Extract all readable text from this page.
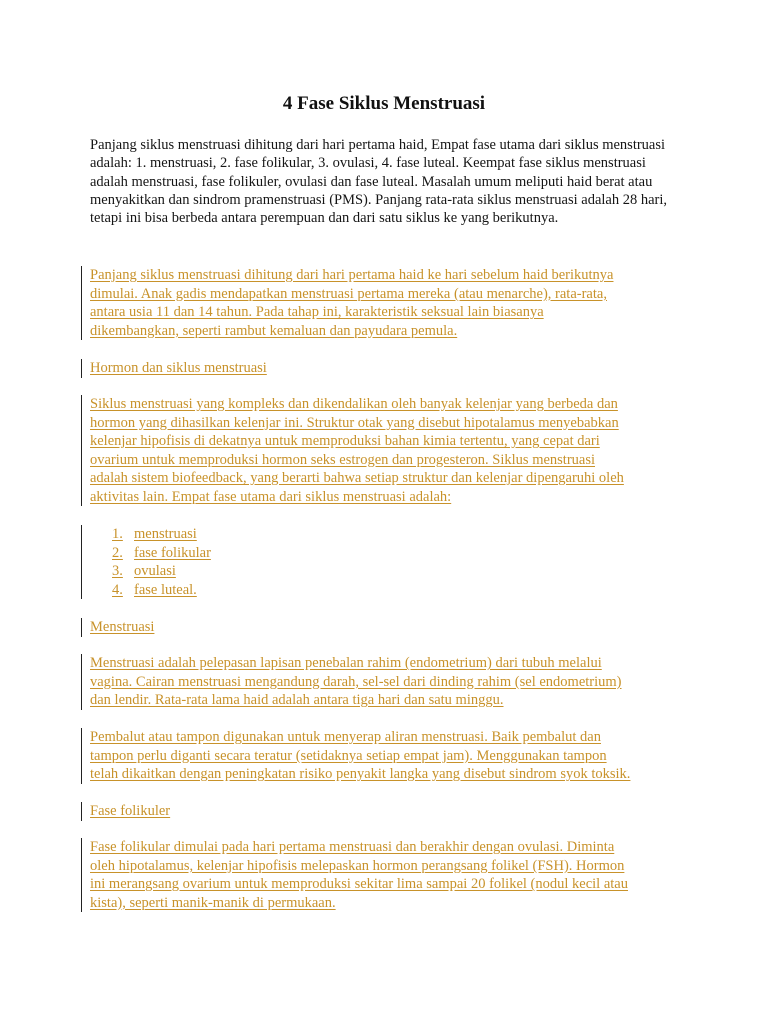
4 Fase Siklus Menstruasi
Panjang siklus menstruasi dihitung dari hari pertama haid, Empat fase utama dari siklus menstruasi adalah: 1. menstruasi, 2. fase folikular, 3. ovulasi, 4. fase luteal. Keempat fase siklus menstruasi adalah menstruasi, fase folikuler, ovulasi dan fase luteal. Masalah umum meliputi haid berat atau menyakitkan dan sindrom pramenstruasi (PMS). Panjang rata-rata siklus menstruasi adalah 28 hari, tetapi ini bisa berbeda antara perempuan dan dari satu siklus ke yang berikutnya.
Panjang siklus menstruasi dihitung dari hari pertama haid ke hari sebelum haid berikutnya
dimulai. Anak gadis mendapatkan menstruasi pertama mereka (atau menarche), rata-rata,
antara usia 11 dan 14 tahun. Pada tahap ini, karakteristik seksual lain biasanya
dikembangkan, seperti rambut kemaluan dan payudara pemula.
Hormon dan siklus menstruasi
Siklus menstruasi yang kompleks dan dikendalikan oleh banyak kelenjar yang berbeda dan
hormon yang dihasilkan kelenjar ini. Struktur otak yang disebut hipotalamus menyebabkan
kelenjar hipofisis di dekatnya untuk memproduksi bahan kimia tertentu, yang cepat dari
ovarium untuk memproduksi hormon seks estrogen dan progesteron. Siklus menstruasi
adalah sistem biofeedback, yang berarti bahwa setiap struktur dan kelenjar dipengaruhi oleh
aktivitas lain. Empat fase utama dari siklus menstruasi adalah:
1. menstruasi
2. fase folikular
3. ovulasi
4. fase luteal.
Menstruasi
Menstruasi adalah pelepasan lapisan penebalan rahim (endometrium) dari tubuh melalui
vagina. Cairan menstruasi mengandung darah, sel-sel dari dinding rahim (sel endometrium)
dan lendir. Rata-rata lama haid adalah antara tiga hari dan satu minggu.
Pembalut atau tampon digunakan untuk menyerap aliran menstruasi. Baik pembalut dan
tampon perlu diganti secara teratur (setidaknya setiap empat jam). Menggunakan tampon
telah dikaitkan dengan peningkatan risiko penyakit langka yang disebut sindrom syok toksik.
Fase folikuler
Fase folikular dimulai pada hari pertama menstruasi dan berakhir dengan ovulasi. Diminta
oleh hipotalamus, kelenjar hipofisis melepaskan hormon perangsang folikel (FSH). Hormon
ini merangsang ovarium untuk memproduksi sekitar lima sampai 20 folikel (nodul kecil atau
kista), seperti manik-manik di permukaan.
